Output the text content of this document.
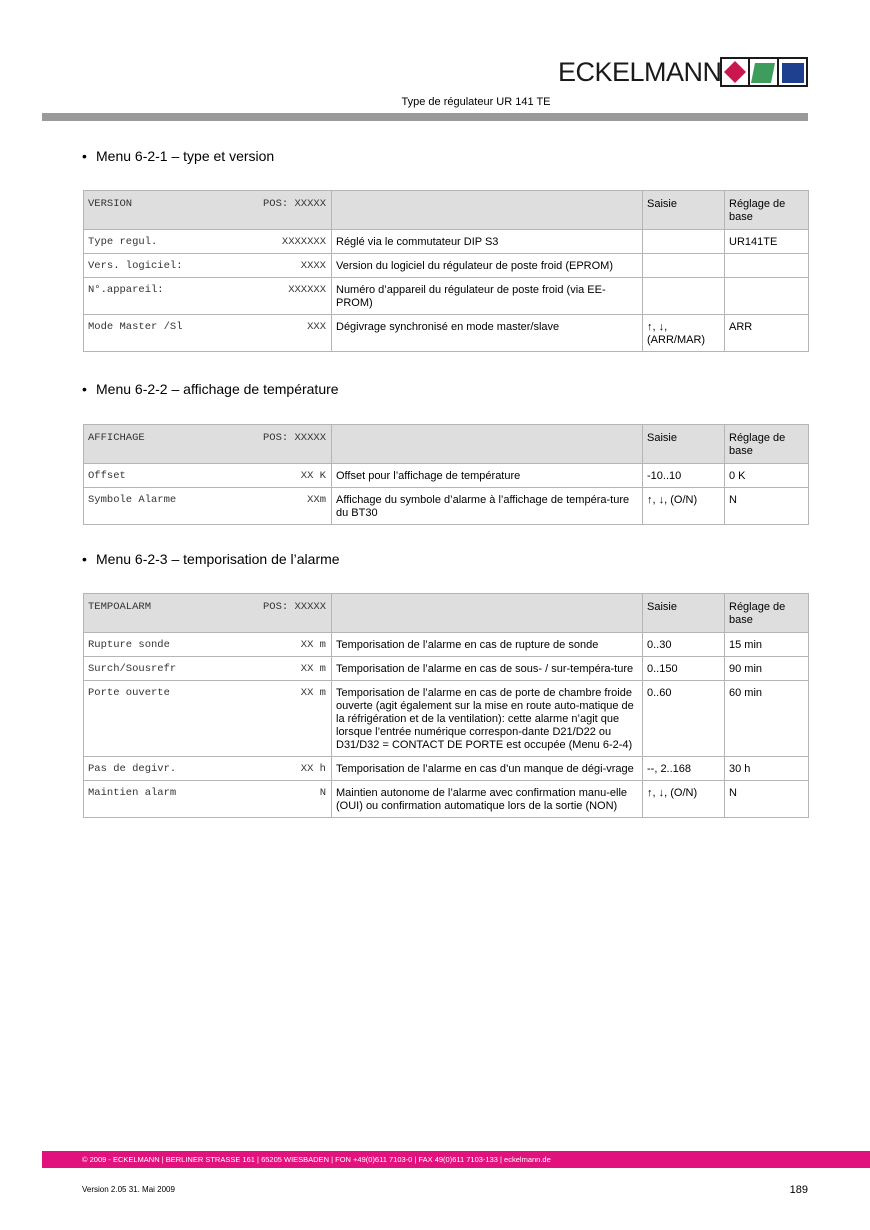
ECKELMANN
Type de régulateur UR 141 TE
• Menu 6-2-1 – type et version
VERSION POS: XXXXX		Saisie	Réglage de base

Type regul. XXXXXXX	Réglé via le commutateur DIP S3		UR141TE

Vers. logiciel: XXXX	Version du logiciel du régulateur de poste froid (EPROM)		

N°.appareil: XXXXXX	Numéro d’appareil du régulateur de poste froid (via EE-PROM)		

Mode Master /Sl XXX	Dégivrage synchronisé en mode master/slave	↑, ↓, (ARR/MAR)	ARR
• Menu 6-2-2 – affichage de température
AFFICHAGE POS: XXXXX		Saisie	Réglage de base

Offset XX K	Offset pour l’affichage de température	-10..10	0 K

Symbole Alarme XXm	Affichage du symbole d’alarme à l’affichage de tempéra-ture du BT30	↑, ↓, (O/N)	N
• Menu 6-2-3 – temporisation de l’alarme
TEMPOALARM POS: XXXXX		Saisie	Réglage de base

Rupture sonde XX m	Temporisation de l’alarme en cas de rupture de sonde	0..30	15 min

Surch/Sousrefr XX m	Temporisation de l’alarme en cas de sous- / sur-tempéra-ture	0..150	90 min

Porte ouverte XX m	Temporisation de l’alarme en cas de porte de chambre froide ouverte (agit également sur la mise en route auto-matique de la réfrigération et de la ventilation): cette alarme n’agit que lorsque l’entrée numérique correspon-dante D21/D22 ou D31/D32 = CONTACT DE PORTE est occupée (Menu 6-2-4)	0..60	60 min

Pas de degivr. XX h	Temporisation de l’alarme en cas d’un manque de dégi-vrage	--, 2..168	30 h

Maintien alarm N	Maintien autonome de l’alarme avec confirmation manu-elle (OUI) ou confirmation automatique lors de la sortie (NON)	↑, ↓, (O/N)	N
© 2009 - ECKELMANN | BERLINER STRASSE 161 | 65205 WIESBADEN | FON +49(0)611 7103-0 | FAX 49(0)611 7103-133 | eckelmann.de
Version 2.05 31. Mai 2009	189
